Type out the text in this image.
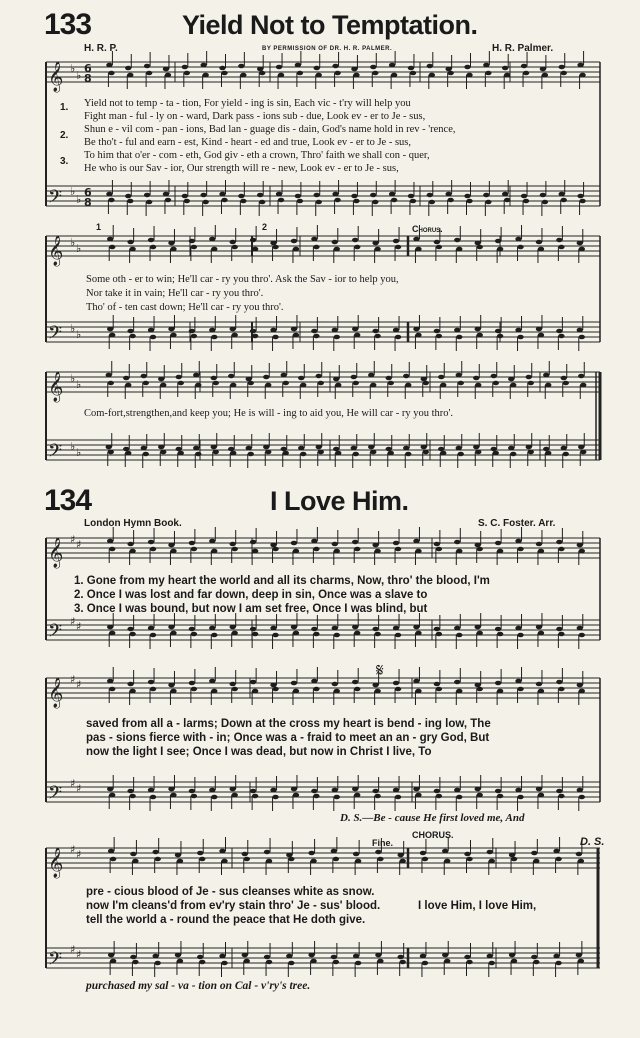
133	Yield Not to Temptation.
H. R. P.	BY PERMISSION OF DR. H. R. PALMER.	H. R. Palmer.
𝄞
𝄢
𝄞
𝄢
𝄞
𝄢
𝄞
𝄢
𝄞
𝄢
𝄞
𝄢
♭
♭
6
8
♭
♭
6
8
♭ ♭
♭ ♭
♭ ♭
♭ ♭
♯ ♯
♯ ♯
♯ ♯
♯ ♯
♯ ♯
♯ ♯
1.
2.
3.
Yield not to temp - ta - tion, For yield - ing is sin, Each vic - t'ry will help you
Fight man - ful - ly on - ward, Dark pass - ions sub - due, Look ev - er to Je - sus,
Shun e - vil com - pan - ions, Bad lan - guage dis - dain, God's name hold in rev - 'rence,
Be tho't - ful and earn - est, Kind - heart - ed and true, Look ev - er to Je - sus,
To him that o'er - com - eth, God giv - eth a crown, Thro' faith we shall con - quer,
He who is our Sav - ior, Our strength will re - new, Look ev - er to Je - sus,
1	2	Chorus.
Some oth - er to win; He'll car - ry you thro'. Ask the Sav - ior to help you,
Nor take it in vain; He'll car - ry you thro'.
Tho' of - ten cast down; He'll car - ry you thro'.
Com-fort,strengthen,and keep you; He is will - ing to aid you, He will car - ry you thro'.
134	I Love Him.
London Hymn Book.	S. C. Foster. Arr.
1. Gone from my heart the world and all its charms, Now, thro' the blood, I'm
2. Once I was lost and far down, deep in sin, Once was a slave to
3. Once I was bound, but now I am set free, Once I was blind, but
𝄋
saved from all a - larms; Down at the cross my heart is bend - ing low, The
pas - sions fierce with - in; Once was a - fraid to meet an an - gry God, But
now the light I see; Once I was dead, but now in Christ I live, To
D. S.—Be - cause He first loved me, And
Fine.
CHORUS.
D. S.
pre - cious blood of Je - sus cleanses white as snow.
now I'm cleans'd from ev'ry stain thro' Je - sus' blood.
tell the world a - round the peace that He doth give.
I love Him, I love Him,
purchased my sal - va - tion on Cal - v'ry's tree.
